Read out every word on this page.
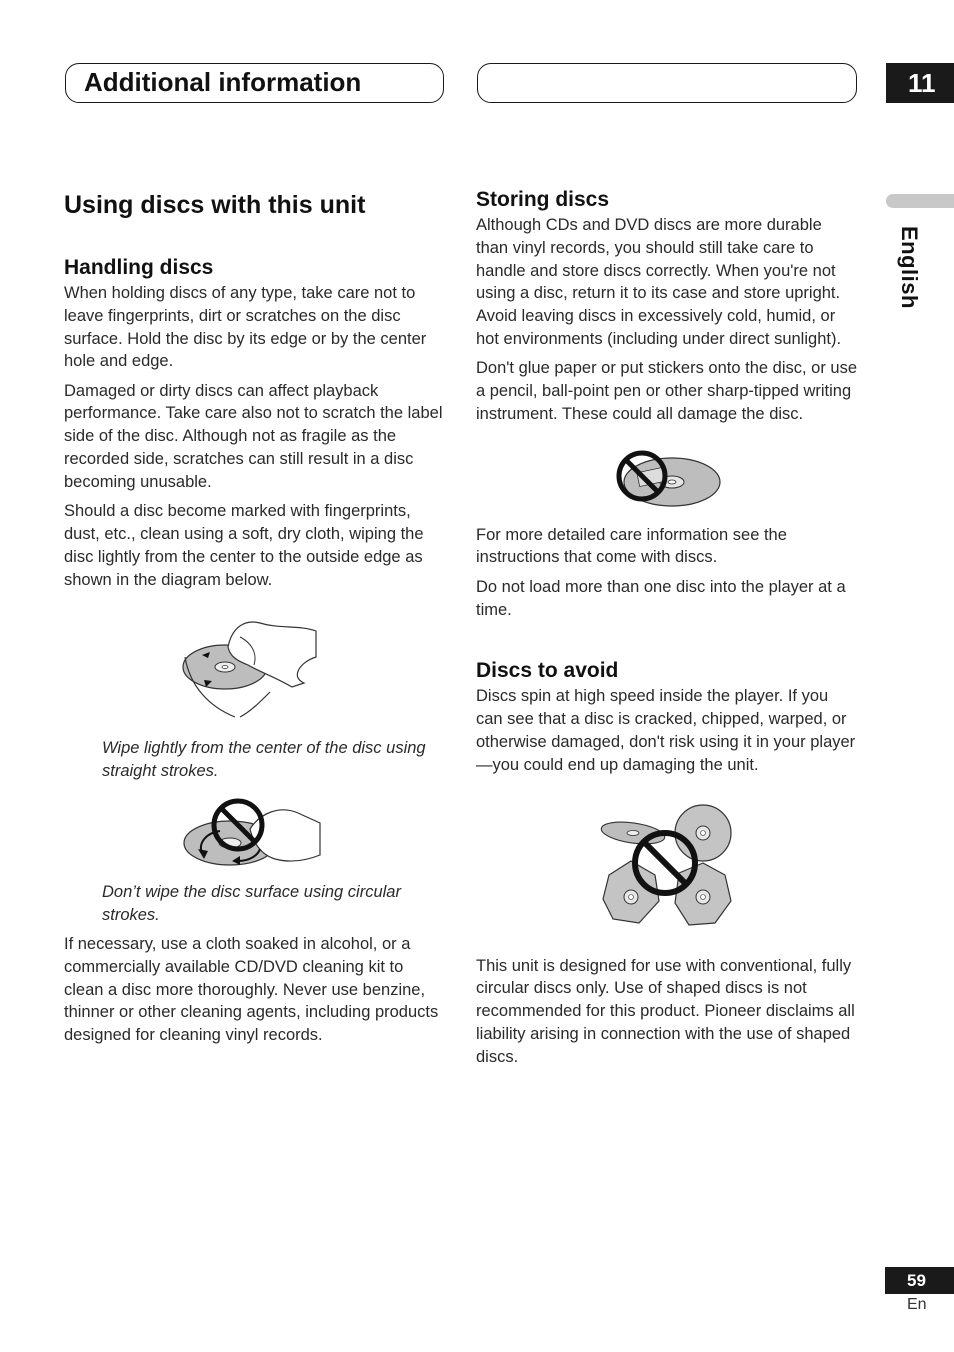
Additional information	11
English
Using discs with this unit
Handling discs

When holding discs of any type, take care not to leave fingerprints, dirt or scratches on the disc surface. Hold the disc by its edge or by the center hole and edge.

Damaged or dirty discs can affect playback performance. Take care also not to scratch the label side of the disc. Although not as fragile as the recorded side, scratches can still result in a disc becoming unusable.

Should a disc become marked with fingerprints, dust, etc., clean using a soft, dry cloth, wiping the disc lightly from the center to the outside edge as shown in the diagram below.

Wipe lightly from the center of the disc using straight strokes.

Don’t wipe the disc surface using circular strokes.

If necessary, use a cloth soaked in alcohol, or a commercially available CD/DVD cleaning kit to clean a disc more thoroughly. Never use benzine, thinner or other cleaning agents, including products designed for cleaning vinyl records.

Storing discs

Although CDs and DVD discs are more durable than vinyl records, you should still take care to handle and store discs correctly. When you're not using a disc, return it to its case and store upright. Avoid leaving discs in excessively cold, humid, or hot environments (including under direct sunlight).

Don't glue paper or put stickers onto the disc, or use a pencil, ball-point pen or other sharp-tipped writing instrument. These could all damage the disc.

For more detailed care information see the instructions that come with discs.

Do not load more than one disc into the player at a time.

Discs to avoid

Discs spin at high speed inside the player. If you can see that a disc is cracked, chipped, warped, or otherwise damaged, don't risk using it in your player—you could end up damaging the unit.

This unit is designed for use with conventional, fully circular discs only. Use of shaped discs is not recommended for this product. Pioneer disclaims all liability arising in connection with the use of shaped discs.

59
En
